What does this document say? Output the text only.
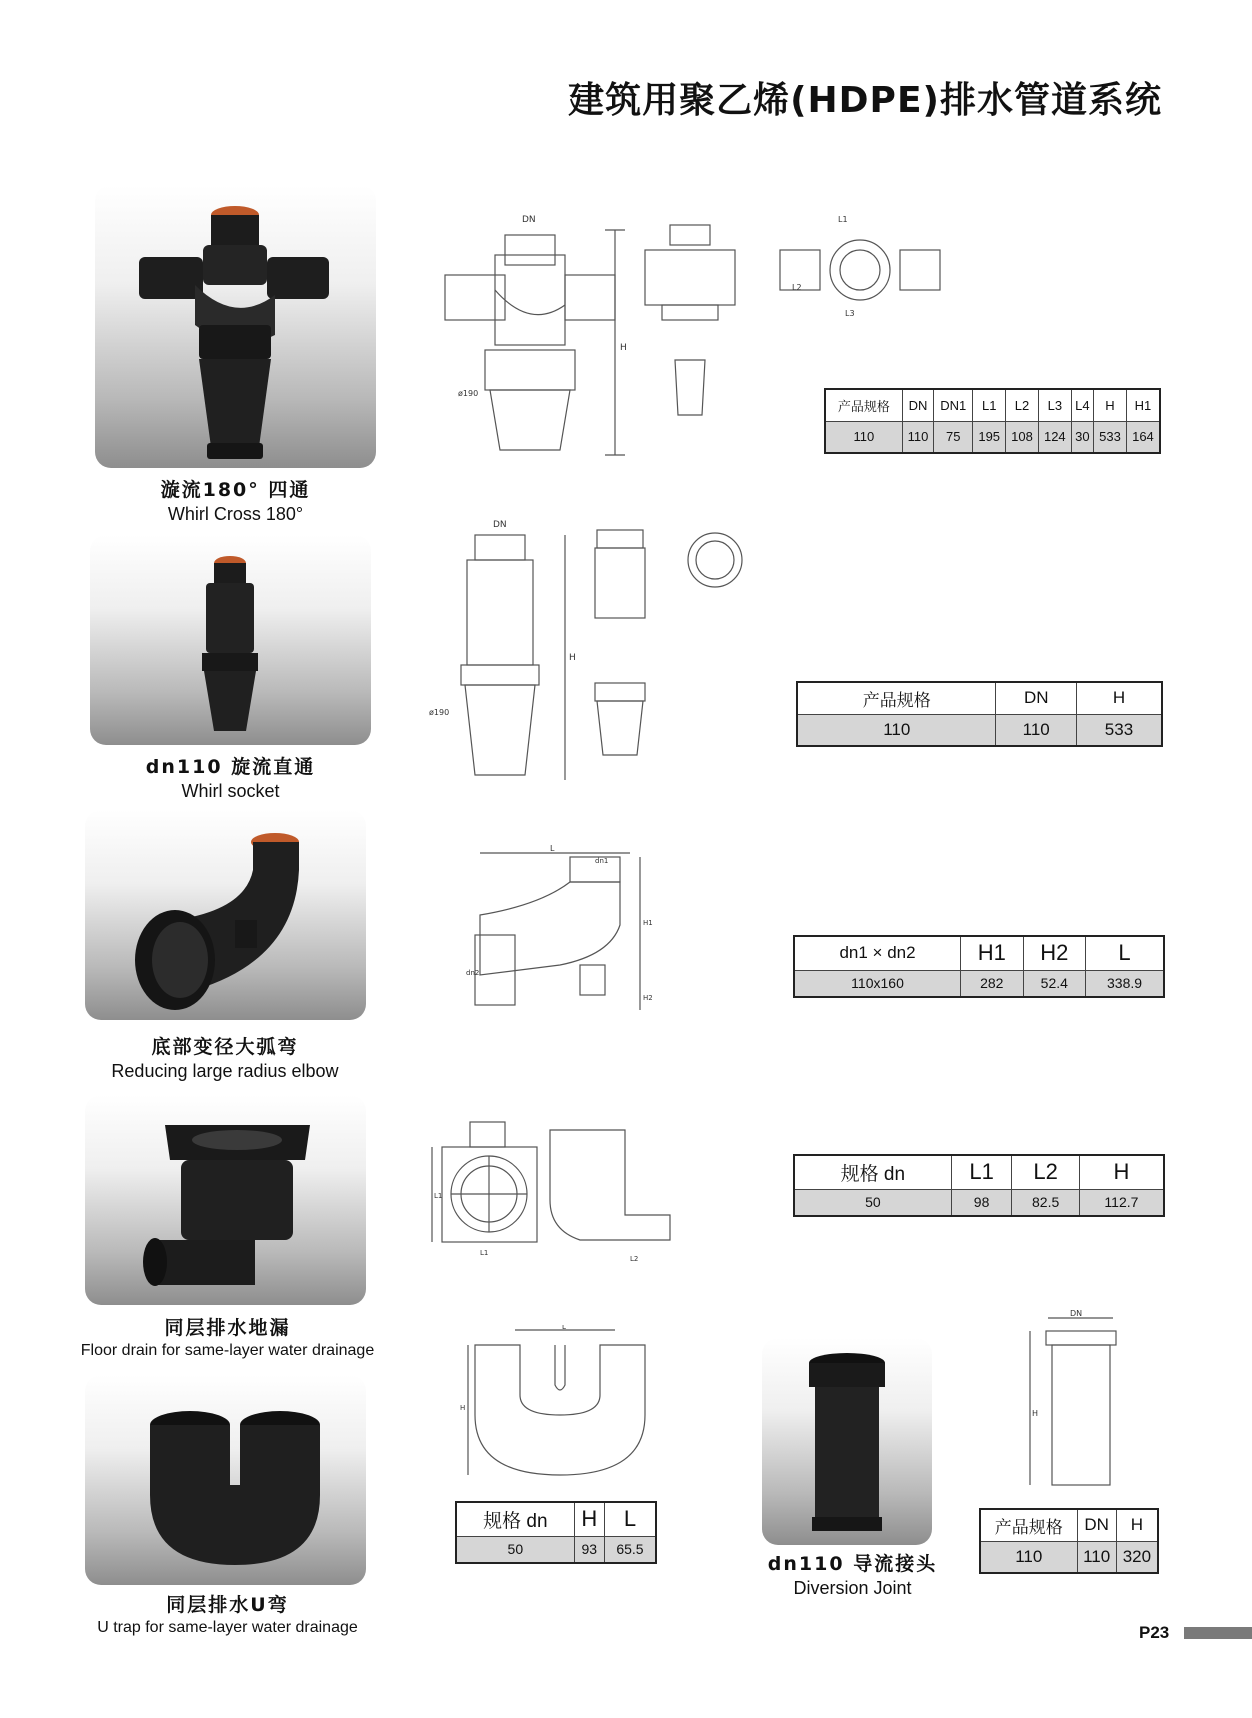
建筑用聚乙烯(HDPE)排水管道系统
漩流180° 四通
Whirl Cross 180°
DN
H
ø190
L1
L2
L3
产品规格	DN	DN1	L1	L2	L3	L4	H	H1
110	110	75	195	108	124	30	533	164
dn110 旋流直通
Whirl socket
DN
H
ø190
产品规格	DN	H
110	110	533
底部变径大弧弯
Reducing large radius elbow
L
dn1
H1
H2
dn2
dn1 × dn2	H1	H2	L
110x160	282	52.4	338.9
同层排水地漏
Floor drain for same-layer water drainage
L1
L1
L2
规格 dn	L1	L2	H
50	98	82.5	112.7
同层排水U弯
U trap for same-layer water drainage
L
H
规格 dn	H	L
50	93	65.5
dn110 导流接头
Diversion Joint
DN
H
产品规格	DN	H
110	110	320
P23
